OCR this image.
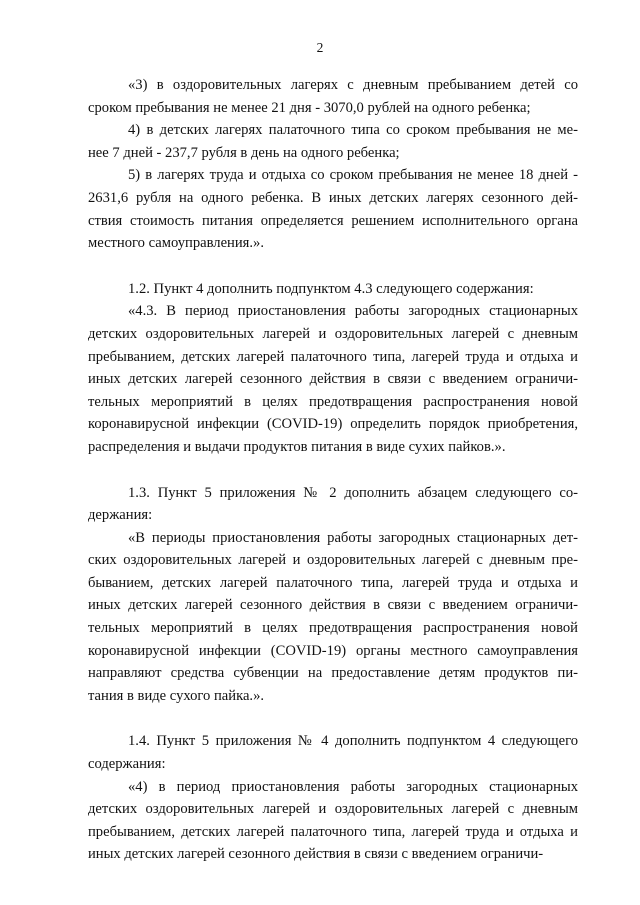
2
«3) в оздоровительных лагерях с дневным пребыванием детей со
сроком пребывания не менее 21 дня - 3070,0 рублей на одного ребенка;
4) в детских лагерях палаточного типа со сроком пребывания не ме-
нее 7 дней - 237,7 рубля в день на одного ребенка;
5) в лагерях труда и отдыха со сроком пребывания не менее 18 дней -
2631,6 рубля на одного ребенка. В иных детских лагерях сезонного дей-
ствия стоимость питания определяется решением исполнительного органа
местного самоуправления.».
1.2. Пункт 4 дополнить подпунктом 4.3 следующего содержания:
«4.3. В период приостановления работы загородных стационарных
детских оздоровительных лагерей и оздоровительных лагерей с дневным
пребыванием, детских лагерей палаточного типа, лагерей труда и отдыха и
иных детских лагерей сезонного действия в связи с введением ограничи-
тельных мероприятий в целях предотвращения распространения новой
коронавирусной инфекции (COVID-19) определить порядок приобретения,
распределения и выдачи продуктов питания в виде сухих пайков.».
1.3. Пункт 5 приложения № 2 дополнить абзацем следующего со-
держания:
«В периоды приостановления работы загородных стационарных дет-
ских оздоровительных лагерей и оздоровительных лагерей с дневным пре-
быванием, детских лагерей палаточного типа, лагерей труда и отдыха и
иных детских лагерей сезонного действия в связи с введением ограничи-
тельных мероприятий в целях предотвращения распространения новой
коронавирусной инфекции (COVID-19) органы местного самоуправления
направляют средства субвенции на предоставление детям продуктов пи-
тания в виде сухого пайка.».
1.4. Пункт 5 приложения № 4 дополнить подпунктом 4 следующего
содержания:
«4) в период приостановления работы загородных стационарных
детских оздоровительных лагерей и оздоровительных лагерей с дневным
пребыванием, детских лагерей палаточного типа, лагерей труда и отдыха и
иных детских лагерей сезонного действия в связи с введением ограничи-
